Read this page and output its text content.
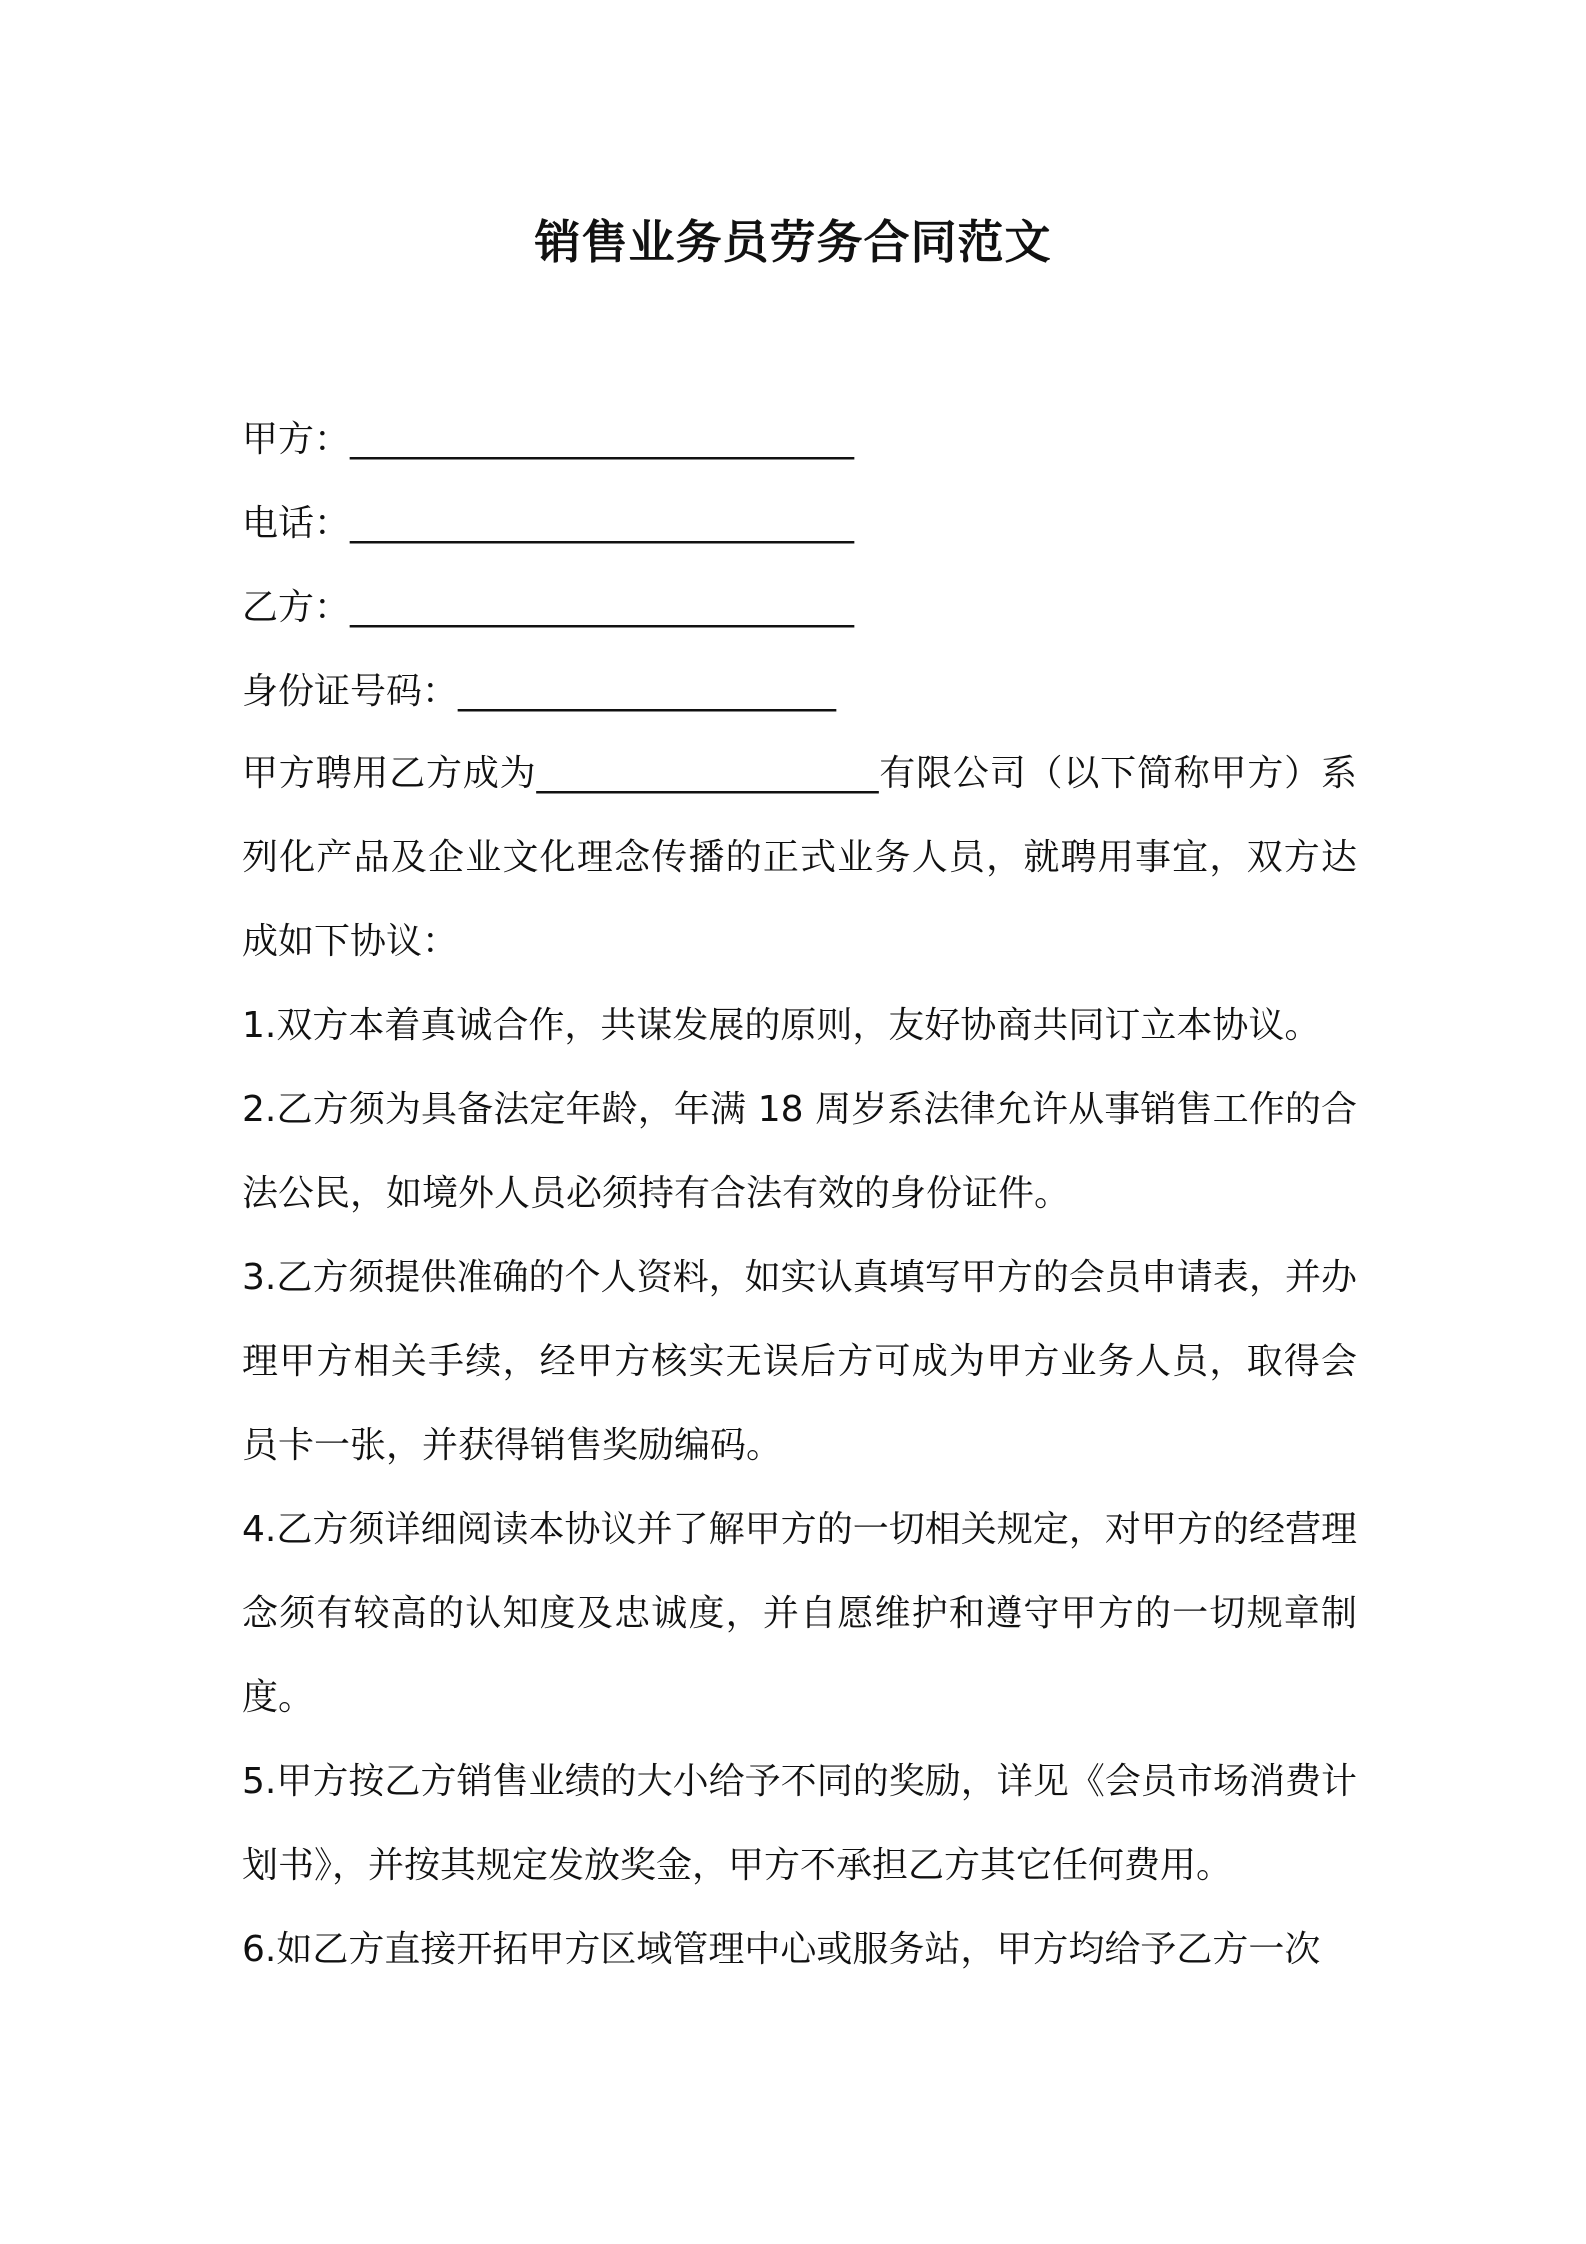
销售业务员劳务合同范文
甲方：____________________________
电话：____________________________
乙方：____________________________
身份证号码：_____________________
甲方聘用乙方成为___________________有限公司（以下简称甲方）系列化产品及企业文化理念传播的正式业务人员，就聘用事宜，双方达成如下协议：
1.双方本着真诚合作，共谋发展的原则，友好协商共同订立本协议。
2.乙方须为具备法定年龄，年满 18 周岁系法律允许从事销售工作的合法公民，如境外人员必须持有合法有效的身份证件。
3.乙方须提供准确的个人资料，如实认真填写甲方的会员申请表，并办理甲方相关手续，经甲方核实无误后方可成为甲方业务人员，取得会员卡一张，并获得销售奖励编码。
4.乙方须详细阅读本协议并了解甲方的一切相关规定，对甲方的经营理念须有较高的认知度及忠诚度，并自愿维护和遵守甲方的一切规章制度。
5.甲方按乙方销售业绩的大小给予不同的奖励，详见《会员市场消费计划书》，并按其规定发放奖金，甲方不承担乙方其它任何费用。
6.如乙方直接开拓甲方区域管理中心或服务站，甲方均给予乙方一次
